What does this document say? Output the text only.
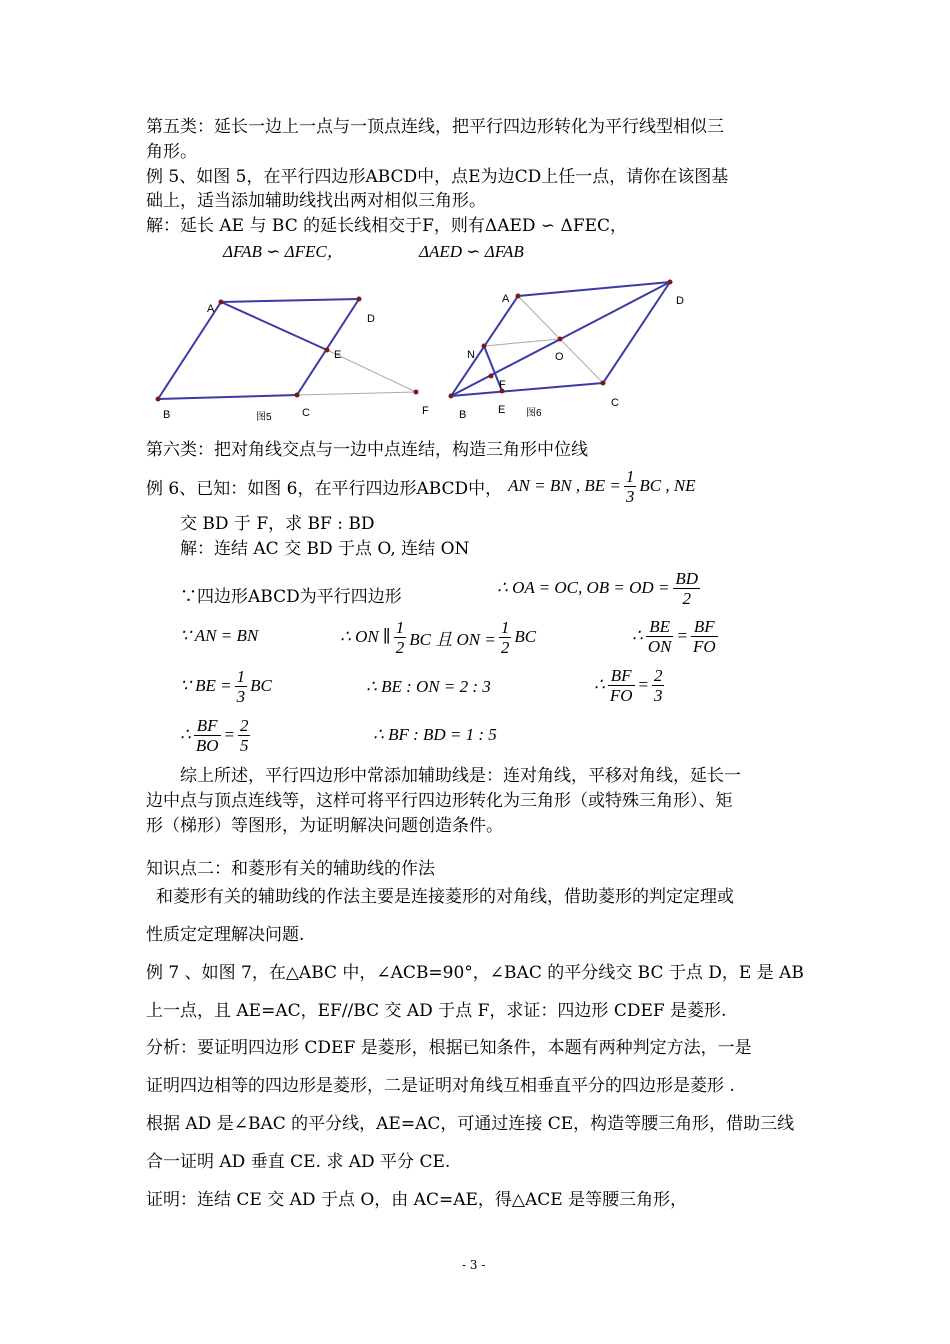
第五类：延长一边上一点与一顶点连线，把平行四边形转化为平行线型相似三
角形。
例 5、如图 5，在平行四边形ABCD中，点E为边CD上任一点，请你在该图基
础上，适当添加辅助线找出两对相似三角形。
解：延长 AE 与 BC 的延长线相交于F，则有ΔAED ∽ ΔFEC，
ΔFAB ∽ ΔFEC，	ΔAED ∽ ΔFAB
A
D
B	C
E
F
图5
A	D
B
C
E
F
N	O
图6
第六类：把对角线交点与一边中点连结，构造三角形中位线
例 6、已知：如图 6，在平行四边形ABCD中， AN = BN , BE = $\frac{1}{3}$ BC , NE
交 BD 于 F，求 BF : BD
解：连结 AC 交 BD 于点 O, 连结 ON
∵四边形ABCD为平行四边形	∴ OA = OC, OB = OD = $\frac{BD}{2}$
∵ AN = BN	∴ ON ∥ $\frac{1}{2}$ BC 且 ON = $\frac{1}{2}$ BC	∴ $\frac{BE}{ON} = \frac{BF}{FO}$
∵ BE = $\frac{1}{3}$ BC	∴ BE : ON = 2 : 3	∴ $\frac{BF}{FO} = \frac{2}{3}$
∴ $\frac{BF}{BO} = \frac{2}{5}$	∴ BF : BD = 1 : 5
综上所述，平行四边形中常添加辅助线是：连对角线，平移对角线，延长一
边中点与顶点连线等，这样可将平行四边形转化为三角形（或特殊三角形）、矩
形（梯形）等图形，为证明解决问题创造条件。
知识点二：和菱形有关的辅助线的作法
和菱形有关的辅助线的作法主要是连接菱形的对角线，借助菱形的判定定理或
性质定定理解决问题.
例 7 、如图 7，在△ABC 中，∠ACB=90°，∠BAC 的平分线交 BC 于点 D，E 是 AB
上一点，且 AE=AC，EF//BC 交 AD 于点 F，求证：四边形 CDEF 是菱形.
分析：要证明四边形 CDEF 是菱形，根据已知条件，本题有两种判定方法，一是
证明四边相等的四边形是菱形，二是证明对角线互相垂直平分的四边形是菱形 .
根据 AD 是∠BAC 的平分线，AE=AC，可通过连接 CE，构造等腰三角形，借助三线
合一证明 AD 垂直 CE. 求 AD 平分 CE.
证明：连结 CE 交 AD 于点 O，由 AC=AE，得△ACE 是等腰三角形，
- 3 -
